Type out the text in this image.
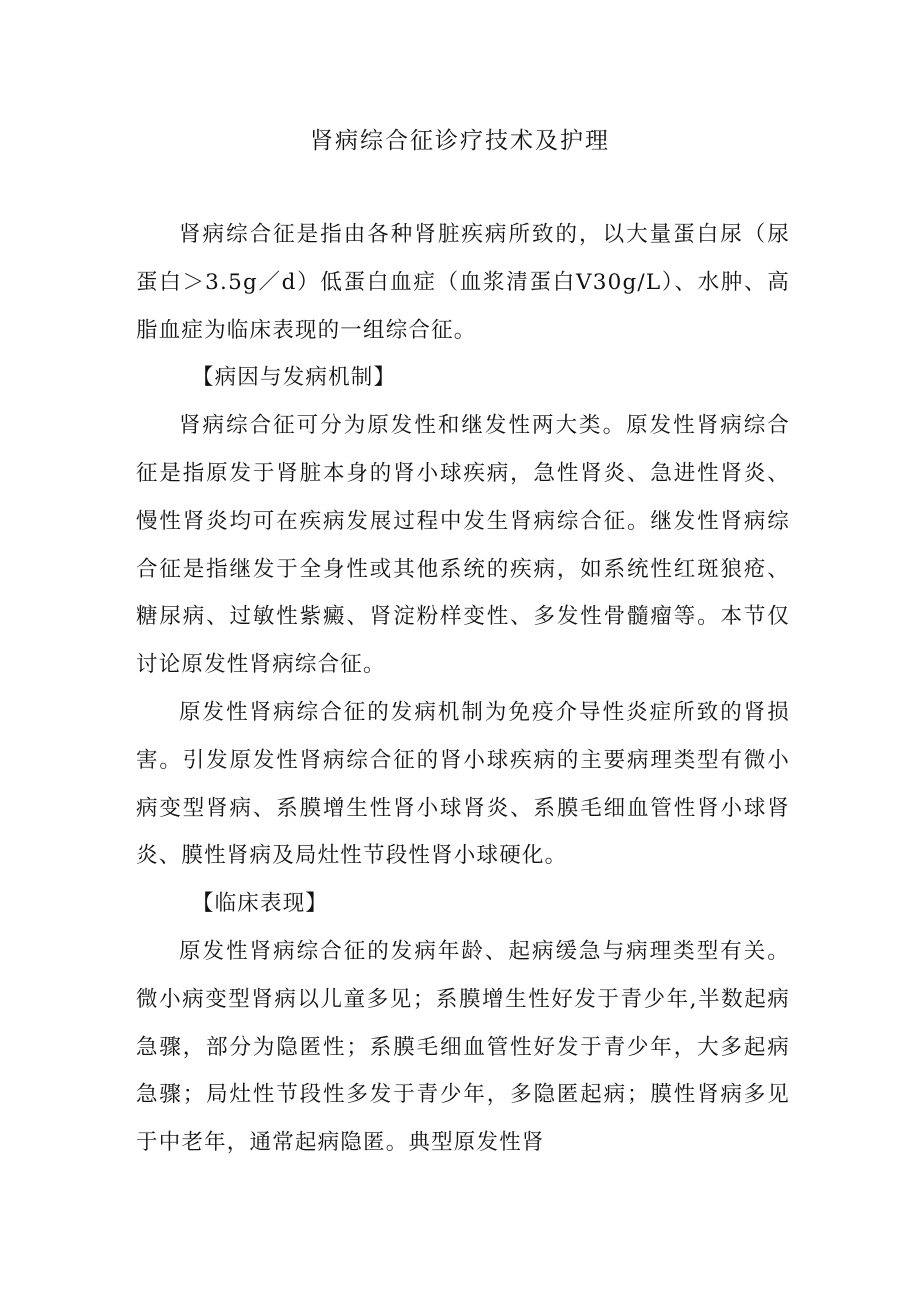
肾病综合征诊疗技术及护理

肾病综合征是指由各种肾脏疾病所致的，以大量蛋白尿（尿蛋白＞3.5g／d）低蛋白血症（血浆清蛋白V30g/L）、水肿、高脂血症为临床表现的一组综合征。

【病因与发病机制】

肾病综合征可分为原发性和继发性两大类。原发性肾病综合征是指原发于肾脏本身的肾小球疾病，急性肾炎、急进性肾炎、慢性肾炎均可在疾病发展过程中发生肾病综合征。继发性肾病综合征是指继发于全身性或其他系统的疾病，如系统性红斑狼疮、糖尿病、过敏性紫癜、肾淀粉样变性、多发性骨髓瘤等。本节仅讨论原发性肾病综合征。

原发性肾病综合征的发病机制为免疫介导性炎症所致的肾损害。引发原发性肾病综合征的肾小球疾病的主要病理类型有微小病变型肾病、系膜增生性肾小球肾炎、系膜毛细血管性肾小球肾炎、膜性肾病及局灶性节段性肾小球硬化。

【临床表现】

原发性肾病综合征的发病年龄、起病缓急与病理类型有关。微小病变型肾病以儿童多见；系膜增生性好发于青少年,半数起病急骤，部分为隐匿性；系膜毛细血管性好发于青少年，大多起病急骤；局灶性节段性多发于青少年，多隐匿起病；膜性肾病多见于中老年，通常起病隐匿。典型原发性肾
